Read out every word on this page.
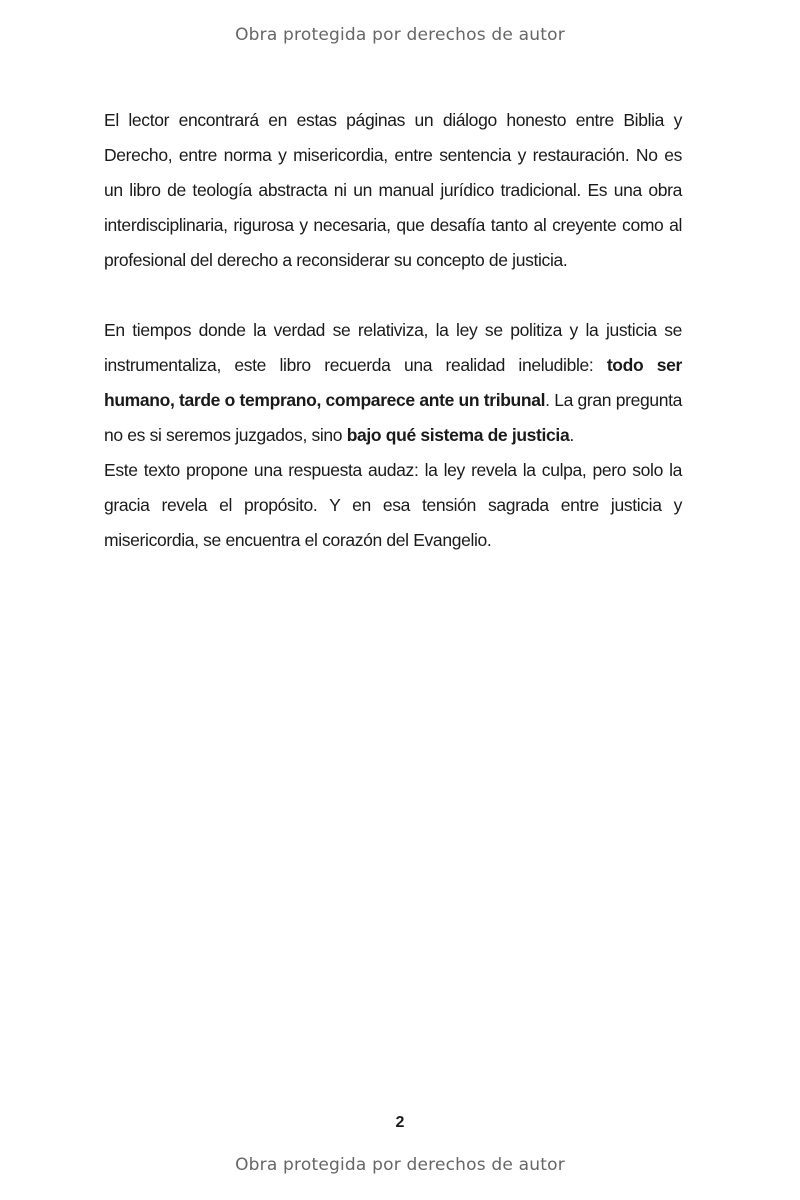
Obra protegida por derechos de autor

El lector encontrará en estas páginas un diálogo honesto entre Biblia y Derecho, entre norma y misericordia, entre sentencia y restauración. No es un libro de teología abstracta ni un manual jurídico tradicional. Es una obra interdisciplinaria, rigurosa y necesaria, que desafía tanto al creyente como al profesional del derecho a reconsiderar su concepto de justicia.

En tiempos donde la verdad se relativiza, la ley se politiza y la justicia se instrumentaliza, este libro recuerda una realidad ineludible: todo ser humano, tarde o temprano, comparece ante un tribunal. La gran pregunta no es si seremos juzgados, sino bajo qué sistema de justicia.

Este texto propone una respuesta audaz: la ley revela la culpa, pero solo la gracia revela el propósito. Y en esa tensión sagrada entre justicia y misericordia, se encuentra el corazón del Evangelio.

2
Obra protegida por derechos de autor
